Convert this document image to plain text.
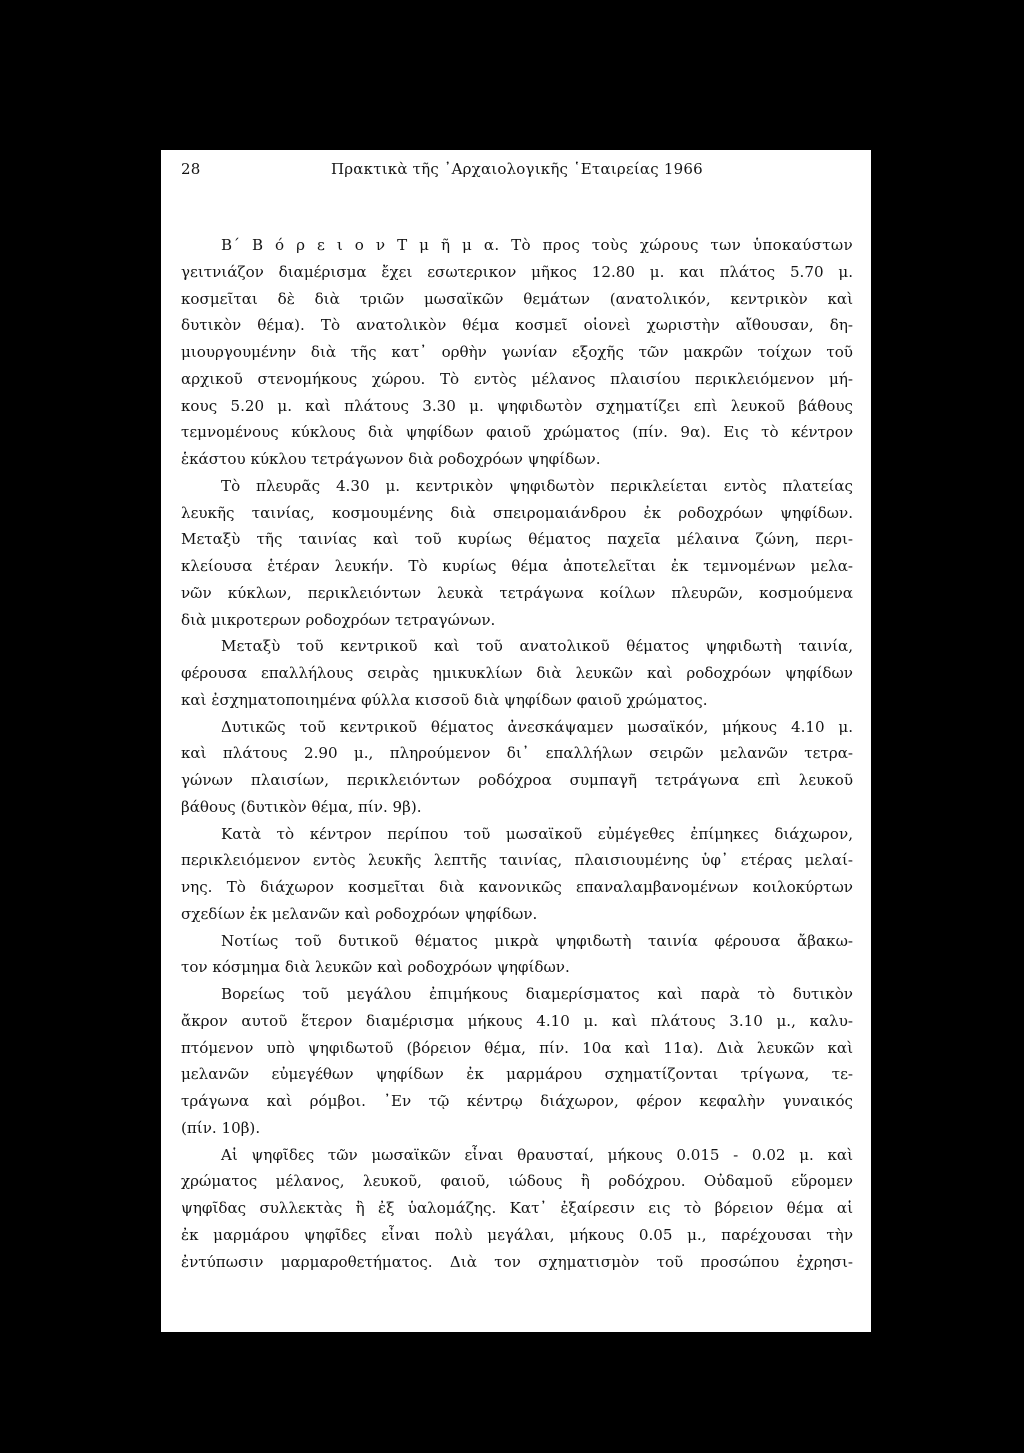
28	Πρακτικὰ τῆς ᾿Αρχαιολογικῆς ῾Εταιρείας 1966
Β΄ Β ό ρ ε ι ο ν Τ μ ῆ μ α. Τὸ προς τοὺς χώρους των ὑποκαύστων
γειτνιάζον διαμέρισμα ἔχει εσωτερικον μῆκος 12.80 μ. και πλάτος 5.70 μ.
κοσμεῖται δὲ διὰ τριῶν μωσαϊκῶν θεμάτων (ανατολικόν, κεντρικὸν καὶ
δυτικὸν θέμα). Τὸ ανατολικὸν θέμα κοσμεῖ οἱονεὶ χωριστὴν αἴθουσαν, δη-
μιουργουμένην διὰ τῆς κατ᾿ ορθὴν γωνίαν εξοχῆς τῶν μακρῶν τοίχων τοῦ
αρχικοῦ στενομήκους χώρου. Τὸ εντὸς μέλανος πλαισίου περικλειόμενον μή-
κους 5.20 μ. καὶ πλάτους 3.30 μ. ψηφιδωτὸν σχηματίζει επὶ λευκοῦ βάθους
τεμνομένους κύκλους διὰ ψηφίδων φαιοῦ χρώματος (πίν. 9α). Εις τὸ κέντρον
ἑκάστου κύκλου τετράγωνον διὰ ροδοχρόων ψηφίδων.
Τὸ πλευρᾶς 4.30 μ. κεντρικὸν ψηφιδωτὸν περικλείεται εντὸς πλατείας
λευκῆς ταινίας, κοσμουμένης διὰ σπειρομαιάνδρου ἐκ ροδοχρόων ψηφίδων.
Μεταξὺ τῆς ταινίας καὶ τοῦ κυρίως θέματος παχεῖα μέλαινα ζώνη, περι-
κλείουσα ἑτέραν λευκήν. Τὸ κυρίως θέμα ἀποτελεῖται ἐκ τεμνομένων μελα-
νῶν κύκλων, περικλειόντων λευκὰ τετράγωνα κοίλων πλευρῶν, κοσμούμενα
διὰ μικροτερων ροδοχρόων τετραγώνων.
Μεταξὺ τοῦ κεντρικοῦ καὶ τοῦ ανατολικοῦ θέματος ψηφιδωτὴ ταινία,
φέρουσα επαλλήλους σειρὰς ημικυκλίων διὰ λευκῶν καὶ ροδοχρόων ψηφίδων
καὶ ἐσχηματοποιημένα φύλλα κισσοῦ διὰ ψηφίδων φαιοῦ χρώματος.
Δυτικῶς τοῦ κεντρικοῦ θέματος ἀνεσκάψαμεν μωσαϊκόν, μήκους 4.10 μ.
καὶ πλάτους 2.90 μ., πληρούμενον δι᾿ επαλλήλων σειρῶν μελανῶν τετρα-
γώνων πλαισίων, περικλειόντων ροδόχροα συμπαγῆ τετράγωνα επὶ λευκοῦ
βάθους (δυτικὸν θέμα, πίν. 9β).
Κατὰ τὸ κέντρον περίπου τοῦ μωσαϊκοῦ εὐμέγεθες ἐπίμηκες διάχωρον,
περικλειόμενον εντὸς λευκῆς λεπτῆς ταινίας, πλαισιουμένης ὑφ᾿ ετέρας μελαί-
νης. Τὸ διάχωρον κοσμεῖται διὰ κανονικῶς επαναλαμβανομένων κοιλοκύρτων
σχεδίων ἐκ μελανῶν καὶ ροδοχρόων ψηφίδων.
Νοτίως τοῦ δυτικοῦ θέματος μικρὰ ψηφιδωτὴ ταινία φέρουσα ἄβακω-
τον κόσμημα διὰ λευκῶν καὶ ροδοχρόων ψηφίδων.
Βορείως τοῦ μεγάλου ἐπιμήκους διαμερίσματος καὶ παρὰ τὸ δυτικὸν
ἄκρον αυτοῦ ἕτερον διαμέρισμα μήκους 4.10 μ. καὶ πλάτους 3.10 μ., καλυ-
πτόμενον υπὸ ψηφιδωτοῦ (βόρειον θέμα, πίν. 10α καὶ 11α). Διὰ λευκῶν καὶ
μελανῶν εὐμεγέθων ψηφίδων ἐκ μαρμάρου σχηματίζονται τρίγωνα, τε-
τράγωνα καὶ ρόμβοι. ᾿Εν τῷ κέντρῳ διάχωρον, φέρον κεφαλὴν γυναικός
(πίν. 10β).
Αἱ ψηφῖδες τῶν μωσαϊκῶν εἶναι θραυσταί, μήκους 0.015 - 0.02 μ. καὶ
χρώματος μέλανος, λευκοῦ, φαιοῦ, ιώδους ἢ ροδόχρου. Οὐδαμοῦ εὕρομεν
ψηφῖδας συλλεκτὰς ἢ ἐξ ὑαλομάζης. Κατ᾿ ἐξαίρεσιν εις τὸ βόρειον θέμα αἱ
ἐκ μαρμάρου ψηφῖδες εἶναι πολὺ μεγάλαι, μήκους 0.05 μ., παρέχουσαι τὴν
ἐντύπωσιν μαρμαροθετήματος. Διὰ τον σχηματισμὸν τοῦ προσώπου ἐχρησι-
